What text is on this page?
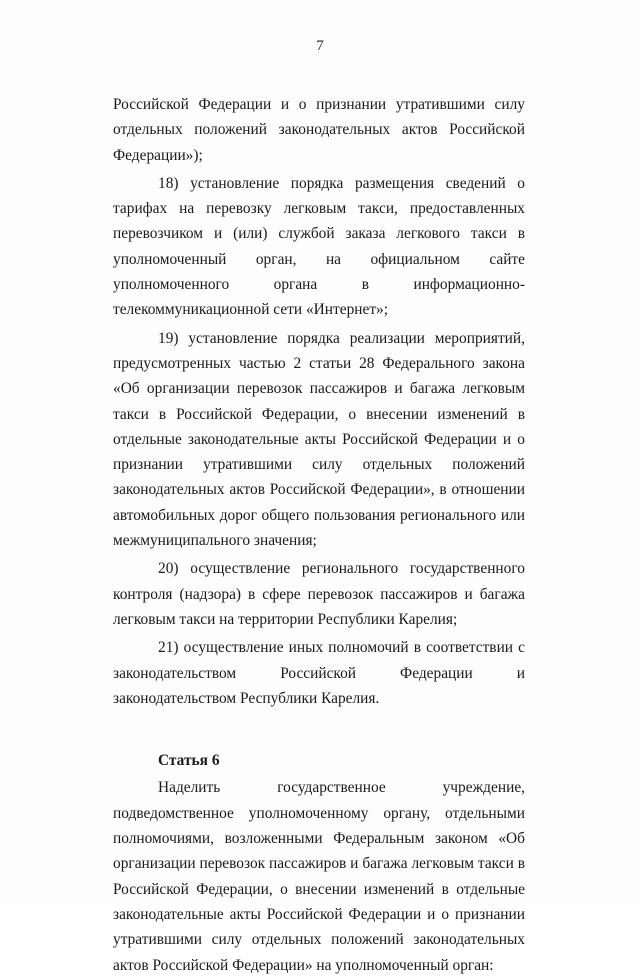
7

Российской Федерации и о признании утратившими силу отдельных положений законодательных актов Российской Федерации»);

18) установление порядка размещения сведений о тарифах на перевозку легковым такси, предоставленных перевозчиком и (или) службой заказа легкового такси в уполномоченный орган, на официальном сайте уполномоченного органа в информационно-телекоммуникационной сети «Интернет»;

19) установление порядка реализации мероприятий, предусмотренных частью 2 статьи 28 Федерального закона «Об организации перевозок пассажиров и багажа легковым такси в Российской Федерации, о внесении изменений в отдельные законодательные акты Российской Федерации и о признании утратившими силу отдельных положений законодательных актов Российской Федерации», в отношении автомобильных дорог общего пользования регионального или межмуниципального значения;

20) осуществление регионального государственного контроля (надзора) в сфере перевозок пассажиров и багажа легковым такси на территории Республики Карелия;

21) осуществление иных полномочий в соответствии с законодательством Российской Федерации и законодательством Республики Карелия.

Статья 6

Наделить государственное учреждение, подведомственное уполномоченному органу, отдельными полномочиями, возложенными Федеральным законом «Об организации перевозок пассажиров и багажа легковым такси в Российской Федерации, о внесении изменений в отдельные законодательные акты Российской Федерации и о признании утратившими силу отдельных положений законодательных актов Российской Федерации» на уполномоченный орган:
